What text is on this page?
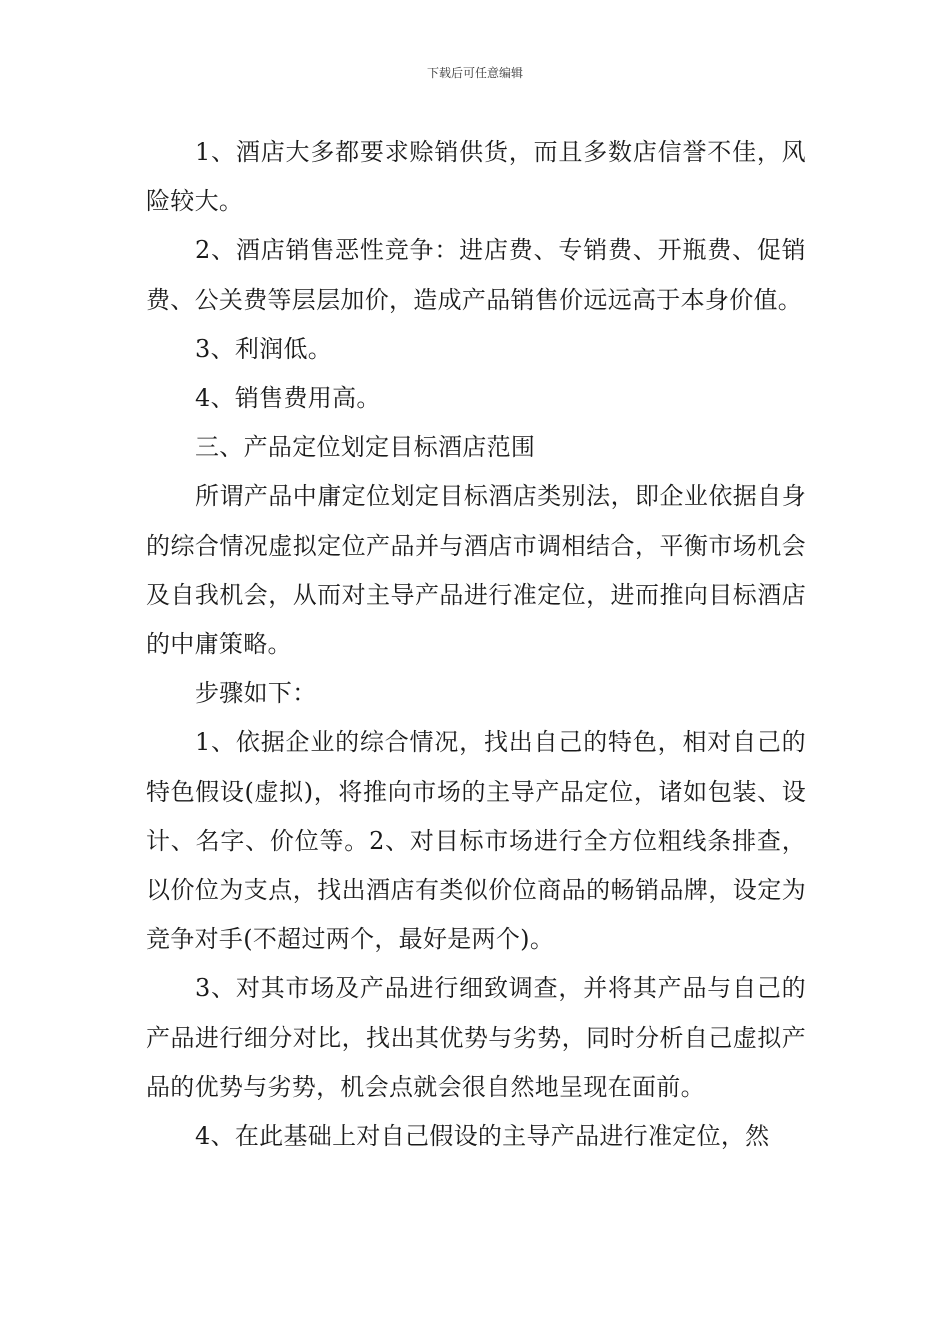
下载后可任意编辑

1、酒店大多都要求赊销供货，而且多数店信誉不佳，风险较大。

2、酒店销售恶性竞争：进店费、专销费、开瓶费、促销费、公关费等层层加价，造成产品销售价远远高于本身价值。

3、利润低。

4、销售费用高。

三、产品定位划定目标酒店范围

所谓产品中庸定位划定目标酒店类别法，即企业依据自身的综合情况虚拟定位产品并与酒店市调相结合，平衡市场机会及自我机会，从而对主导产品进行准定位，进而推向目标酒店的中庸策略。

步骤如下：

1、依据企业的综合情况，找出自己的特色，相对自己的特色假设(虚拟)，将推向市场的主导产品定位，诸如包装、设计、名字、价位等。2、对目标市场进行全方位粗线条排查，以价位为支点，找出酒店有类似价位商品的畅销品牌，设定为竞争对手(不超过两个，最好是两个)。

3、对其市场及产品进行细致调查，并将其产品与自己的产品进行细分对比，找出其优势与劣势，同时分析自己虚拟产品的优势与劣势，机会点就会很自然地呈现在面前。

4、在此基础上对自己假设的主导产品进行准定位，然
